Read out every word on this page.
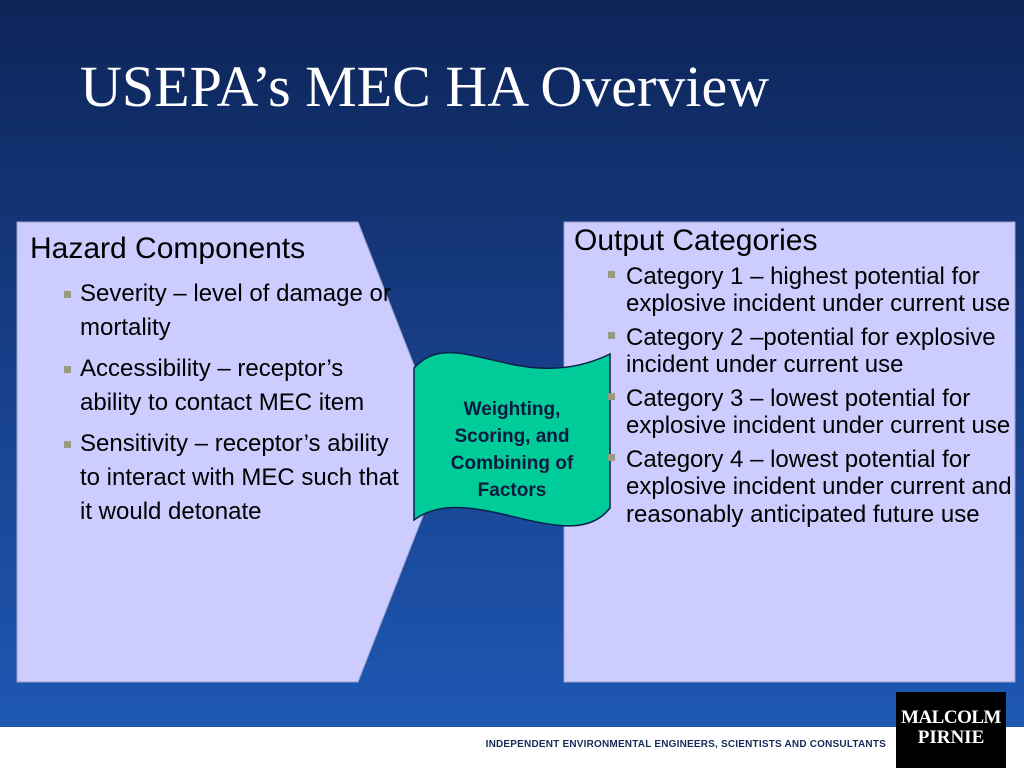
USEPA’s MEC HA Overview
Hazard Components
Severity – level of damage or mortality
Accessibility – receptor’s ability to contact MEC item
Sensitivity – receptor’s ability to interact with MEC such that it would detonate
Weighting, Scoring, and Combining of Factors
Output Categories
Category 1 – highest potential for explosive incident under current use
Category 2 –potential for explosive incident under current use
Category 3 – lowest potential for explosive incident under current use
Category 4 – lowest potential for explosive incident under current and reasonably anticipated future use
INDEPENDENT ENVIRONMENTAL ENGINEERS, SCIENTISTS AND CONSULTANTS
MALCOLM
PIRNIE
